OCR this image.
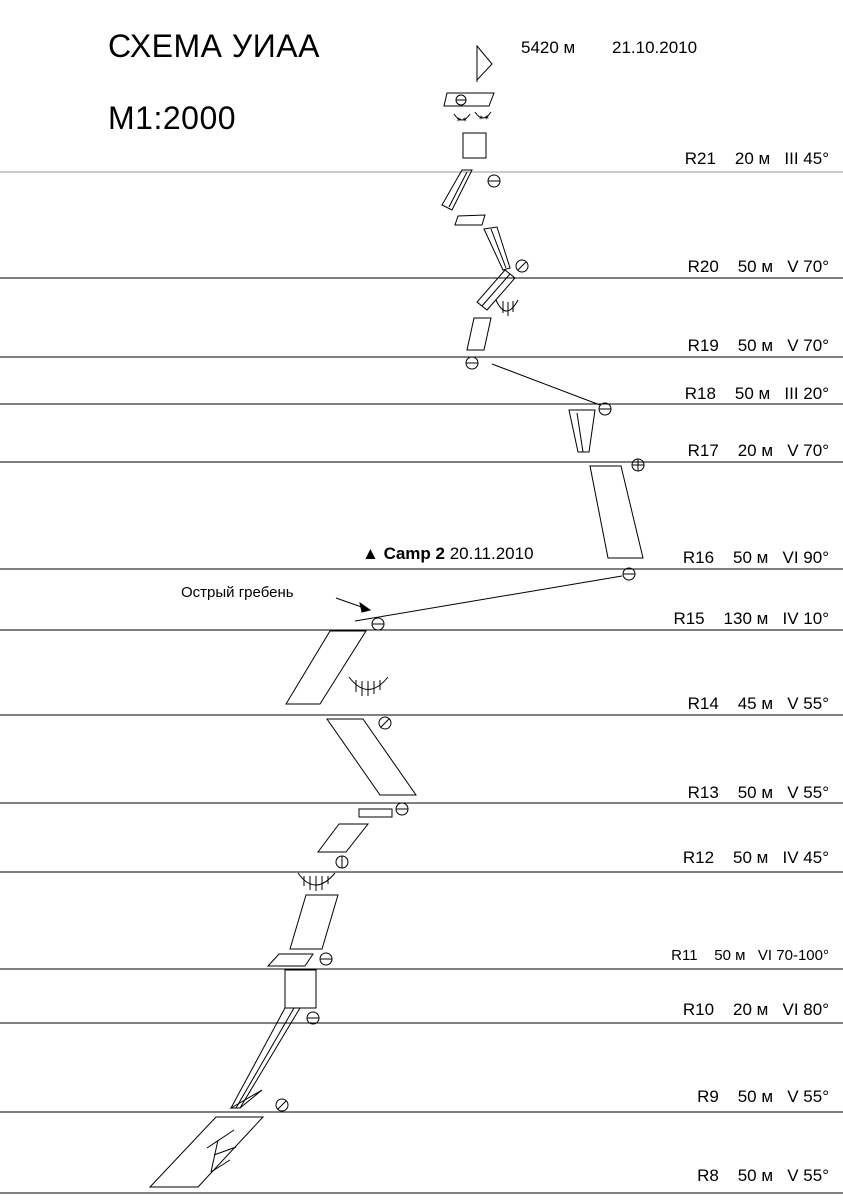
✶✶ ✶✶
СХЕМА УИАА
М1:2000
5420 м 21.10.2010
▲ Camp 2 20.11.2010
Острый гребень
R21 20 м III 45°
R20 50 м V 70°
R19 50 м V 70°
R18 50 м III 20°
R17 20 м V 70°
R16 50 м VI 90°
R15 130 м IV 10°
R14 45 м V 55°
R13 50 м V 55°
R12 50 м IV 45°
R11 50 м VI 70-100°
R10 20 м VI 80°
R9 50 м V 55°
R8 50 м V 55°
